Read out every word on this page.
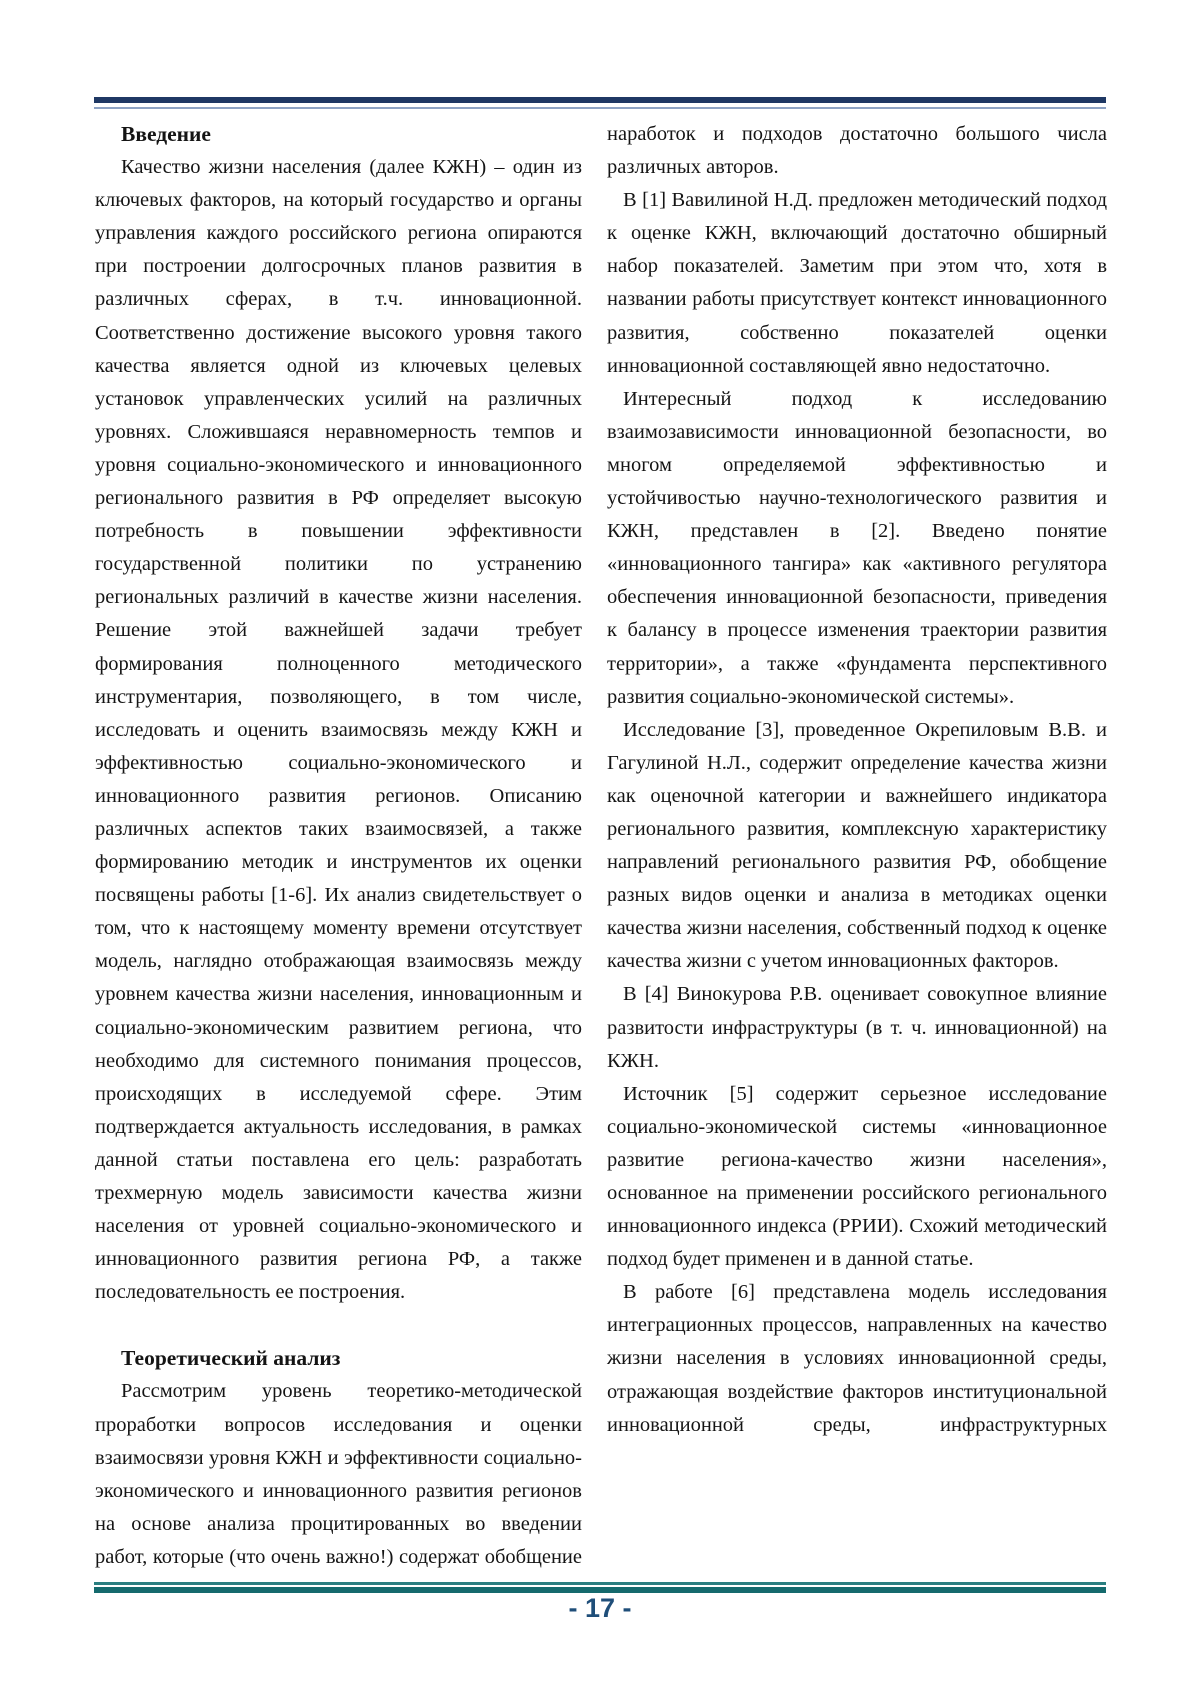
Введение

Качество жизни населения (далее КЖН) – один из ключевых факторов, на который государство и органы управления каждого российского региона опираются при построении долгосрочных планов развития в различных сферах, в т.ч. инновационной. Соответственно достижение высокого уровня такого качества является одной из ключевых целевых установок управленческих усилий на различных уровнях. Сложившаяся неравномерность темпов и уровня социально-экономического и инновационного регионального развития в РФ определяет высокую потребность в повышении эффективности государственной политики по устранению региональных различий в качестве жизни населения. Решение этой важнейшей задачи требует формирования полноценного методического инструментария, позволяющего, в том числе, исследовать и оценить взаимосвязь между КЖН и эффективностью социально-экономического и инновационного развития регионов. Описанию различных аспектов таких взаимосвязей, а также формированию методик и инструментов их оценки посвящены работы [1-6]. Их анализ свидетельствует о том, что к настоящему моменту времени отсутствует модель, наглядно отображающая взаимосвязь между уровнем качества жизни населения, инновационным и социально-экономическим развитием региона, что необходимо для системного понимания процессов, происходящих в исследуемой сфере. Этим подтверждается актуальность исследования, в рамках данной статьи поставлена его цель: разработать трехмерную модель зависимости качества жизни населения от уровней социально-экономического и инновационного развития региона РФ, а также последовательность ее построения.

Теоретический анализ

Рассмотрим уровень теоретико-методической проработки вопросов исследования и оценки взаимосвязи уровня КЖН и эффективности социально-экономического и инновационного развития регионов на основе анализа процитированных во введении работ, которые (что очень важно!) содержат обобщение

наработок и подходов достаточно большого числа различных авторов.

В [1] Вавилиной Н.Д. предложен методический подход к оценке КЖН, включающий достаточно обширный набор показателей. Заметим при этом что, хотя в названии работы присутствует контекст инновационного развития, собственно показателей оценки инновационной составляющей явно недостаточно.

Интересный подход к исследованию взаимозависимости инновационной безопасности, во многом определяемой эффективностью и устойчивостью научно-технологического развития и КЖН, представлен в [2]. Введено понятие «инновационного тангира» как «активного регулятора обеспечения инновационной безопасности, приведения к балансу в процессе изменения траектории развития территории», а также «фундамента перспективного развития социально-экономической системы».

Исследование [3], проведенное Окрепиловым В.В. и Гагулиной Н.Л., содержит определение качества жизни как оценочной категории и важнейшего индикатора регионального развития, комплексную характеристику направлений регионального развития РФ, обобщение разных видов оценки и анализа в методиках оценки качества жизни населения, собственный подход к оценке качества жизни с учетом инновационных факторов.

В [4] Винокурова Р.В. оценивает совокупное влияние развитости инфраструктуры (в т. ч. инновационной) на КЖН.

Источник [5] содержит серьезное исследование социально-экономической системы «инновационное развитие региона-качество жизни населения», основанное на применении российского регионального инновационного индекса (РРИИ). Схожий методический подход будет применен и в данной статье.

В работе [6] представлена модель исследования интеграционных процессов, направленных на качество жизни населения в условиях инновационной среды, отражающая воздействие факторов институциональной инновационной среды, инфраструктурных

- 17 -
